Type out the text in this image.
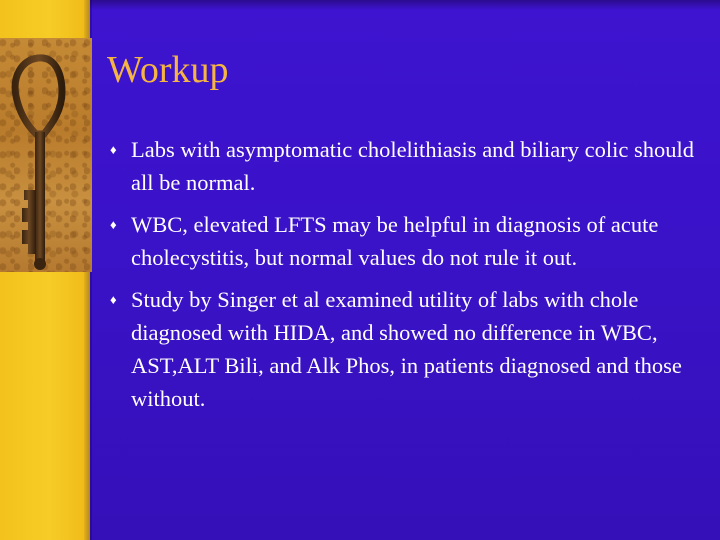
Workup
♦ Labs with asymptomatic cholelithiasis and biliary colic should all be normal.
♦ WBC, elevated LFTS may be helpful in diagnosis of acute cholecystitis, but normal values do not rule it out.
♦ Study by Singer et al examined utility of labs with chole diagnosed with HIDA, and showed no difference in WBC, AST,ALT Bili, and Alk Phos, in patients diagnosed and those without.
